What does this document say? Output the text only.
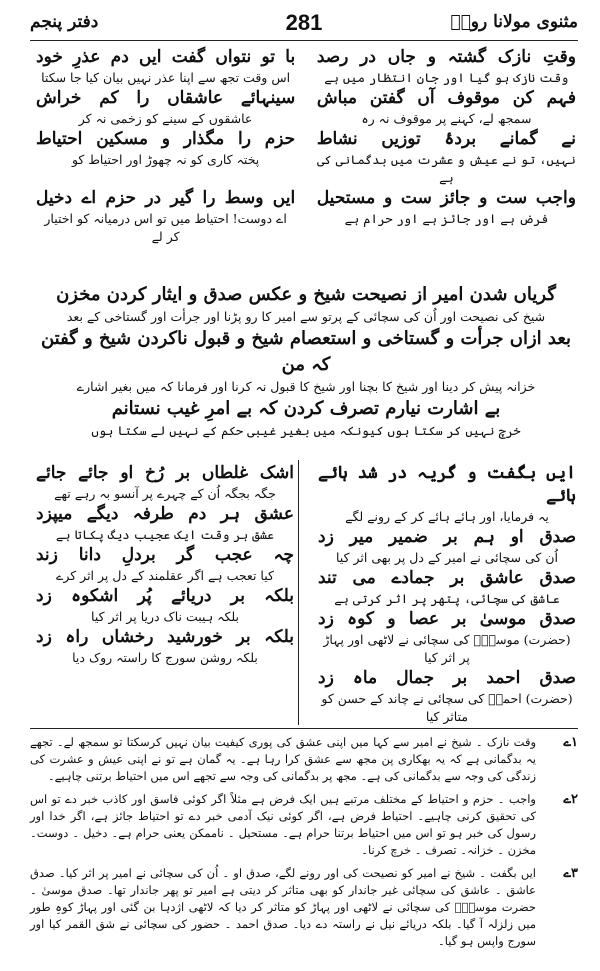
مثنوی مولانا رومؒ
281
دفتر پنجم
وقتِ نازک گشتہ و جاں در رصد
با تو نتواں گفت ایں دم عذرِ خود
وقت نازک ہو گیا اور جان انتظار میں ہے
اس وقت تجھ سے اپنا عذر نہیں بیان کیا جا سکتا
فہم کن موقوف آں گفتن مباش
سینہائے عاشقاں را کم خراش
سمجھ لے، کہنے پر موقوف نہ رہ
عاشقوں کے سینے کو زخمی نہ کر
نے گمانے بردۂ توزیں نشاط
حزم را مگذار و مسکین احتیاط
نہیں، تو نے عیش و عشرت میں بدگمانی کی ہے
پختہ کاری کو نہ چھوڑ اور احتیاط کو
واجب ست و جائز ست و مستحیل
ایں وسط را گیر در حزم اے دخیل
فرض ہے اور جائز ہے اور حرام ہے
اے دوست! احتیاط میں تو اس درمیانہ کو اختیار کر لے
گریاں شدن امیر از نصیحت شیخ و عکس صدق و ایثار کردن مخزن
شیخ کی نصیحت اور اُن کی سچائی کے پرتو سے امیر کا رو پڑنا اور جرأت اور گستاخی کے بعد
بعد ازاں جرأت و گستاخی و استعصام شیخ و قبول ناکردن شیخ و گفتن کہ من
خزانہ پیش کر دینا اور شیخ کا بچنا اور شیخ کا قبول نہ کرنا اور فرمانا کہ میں بغیر اشارے
بے اشارت نیارم تصرف کردن کہ بے امرِ غیب نستانم
خرچ نہیں کر سکتا ہوں کیونکہ میں بغیر غیبی حکم کے نہیں لے سکتا ہوں
ایں بگفت و گریہ در شد ہائے ہائے
یہ فرمایا، اور ہائے ہائے کر کے رونے لگے
صدق او ہم بر ضمیر میر زد
اُن کی سچائی نے امیر کے دل پر بھی اثر کیا
صدق عاشق بر جمادے می تند
عاشق کی سچائی، پتھر پر اثر کرتی ہے
صدق موسیٰ بر عصا و کوہ زد
(حضرت) موسیٰؑ کی سچائی نے لاٹھی اور پہاڑ پر اثر کیا
صدق احمد بر جمال ماہ زد
(حضرت) احمدؐ کی سچائی نے چاند کے حسن کو متاثر کیا
اشک غلطاں بر رُخ او جائے جائے
جگہ بجگہ اُن کے چہرے پر آنسو بہ رہے تھے
عشق ہر دم طرفہ دیگے میپزد
عشق ہر وقت ایک عجیب دیگ پکاتا ہے
چہ عجب گر بردلِ دانا زند
کیا تعجب ہے اگر عقلمند کے دل پر اثر کرے
بلکہ بر دریائے پُر اشکوہ زد
بلکہ ہیبت ناک دریا پر اثر کیا
بلکہ بر خورشید رخشاں راہ زد
بلکہ روشن سورج کا راستہ روک دیا
۱ے
وقت نازک ۔ شیخ نے امیر سے کہا میں اپنی عشق کی پوری کیفیت بیان نہیں کرسکتا تو سمجھ لے۔ تجھے یہ بدگمانی ہے کہ یہ بھکاری پن مجھ سے عشق کرا رہا ہے۔ یہ گمان ہے تو نے اپنی عیش و عشرت کی زندگی کی وجہ سے بدگمانی کی ہے۔ مجھ پر بدگمانی کی وجہ سے تجھے اس میں احتیاط برتنی چاہیے۔
۲ے
واجب ۔ حزم و احتیاط کے مختلف مرتبے ہیں ایک فرض ہے مثلاً اگر کوئی فاسق اور کاذب خبر دے تو اس کی تحقیق کرنی چاہیے۔ احتیاط فرض ہے، اگر کوئی نیک آدمی خبر دے تو احتیاط جائز ہے، اگر خدا اور رسول کی خبر ہو تو اس میں احتیاط برتنا حرام ہے۔ مستحیل ۔ ناممکن یعنی حرام ہے۔ دخیل ۔ دوست۔ مخزن ۔ خزانہ۔ تصرف ۔ خرچ کرنا۔
۳ے
ایں بگفت ۔ شیخ نے امیر کو نصیحت کی اور رونے لگے، صدق او ۔ اُن کی سچائی نے امیر پر اثر کیا۔ صدق عاشق ۔ عاشق کی سچائی غیر جاندار کو بھی متاثر کر دیتی ہے امیر تو پھر جاندار تھا۔ صدق موسیٰ ۔ حضرت موسیٰؑ کی سچائی نے لاٹھی اور پہاڑ کو متاثر کر دیا کہ لاٹھی اژدہا بن گئی اور پہاڑ کوہِ طور میں زلزلہ آ گیا۔ بلکہ دریائے نیل نے راستہ دے دیا۔ صدق احمد ۔ حضور کی سچائی نے شق القمر کیا اور سورج واپس ہو گیا۔
